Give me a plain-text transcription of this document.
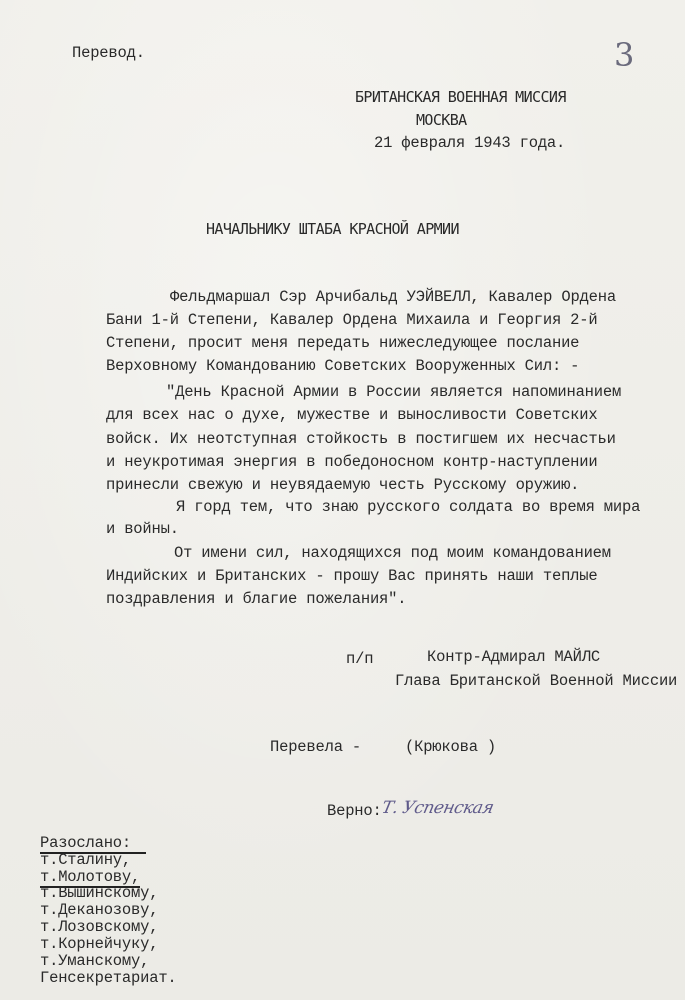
Перевод.	3
БРИТАНСКАЯ ВОЕННАЯ МИССИЯ
МОСКВА
21 февраля 1943 года.
НАЧАЛЬНИКУ ШТАБА КРАСНОЙ АРМИИ
Фельдмаршал Сэр Арчибальд УЭЙВЕЛЛ, Кавалер Ордена
Бани 1-й Степени, Кавалер Ордена Михаила и Георгия 2-й
Степени, просит меня передать нижеследующее послание
Верховному Командованию Советских Вооруженных Сил: -
"День Красной Армии в России является напоминанием
для всех нас о духе, мужестве и выносливости Советских
войск. Их неотступная стойкость в постигшем их несчастьи
и неукротимая энергия в победоносном контр-наступлении
принесли свежую и неувядаемую честь Русскому оружию.
Я горд тем, что знаю русского солдата во время мира
и войны.
От имени сил, находящихся под моим командованием
Индийских и Британских - прошу Вас принять наши теплые
поздравления и благие пожелания".
п/п	Контр-Адмирал МАЙЛС
Глава Британской Военной Миссии
Перевела -	(Крюкова )
Верно:
Т. Успенская
Разослано:
т.Сталину,
т.Молотову,
т.Вышинскому,
т.Деканозову,
т.Лозовскому,
т.Корнейчуку,
т.Уманскому,
Генсекретариат.
